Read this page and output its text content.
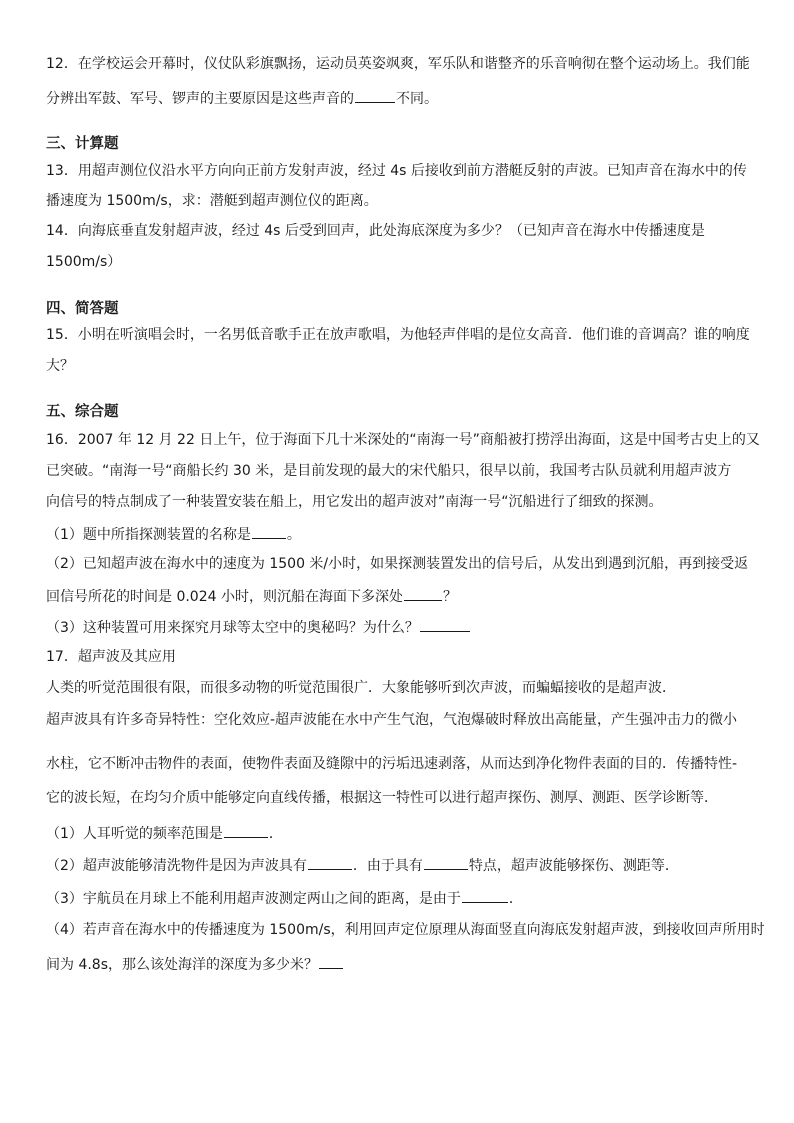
12．在学校运会开幕时，仪仗队彩旗飘扬，运动员英姿飒爽，军乐队和谐整齐的乐音响彻在整个运动场上。我们能
分辨出军鼓、军号、锣声的主要原因是这些声音的	不同。
三、计算题
13．用超声测位仪沿水平方向向正前方发射声波，经过 4s 后接收到前方潜艇反射的声波。已知声音在海水中的传
播速度为 1500m/s，求：潜艇到超声测位仪的距离。
14．向海底垂直发射超声波，经过 4s 后受到回声，此处海底深度为多少？（已知声音在海水中传播速度是
1500m/s）
四、简答题
15．小明在听演唱会时，一名男低音歌手正在放声歌唱，为他轻声伴唱的是位女高音．他们谁的音调高？谁的响度
大？
五、综合题
16．2007 年 12 月 22 日上午，位于海面下几十米深处的“南海一号”商船被打捞浮出海面，这是中国考古史上的又
已突破。“南海一号“商船长约 30 米，是目前发现的最大的宋代船只，很早以前，我国考古队员就利用超声波方
向信号的特点制成了一种装置安装在船上，用它发出的超声波对”南海一号“沉船进行了细致的探测。
（1）题中所指探测装置的名称是	。
（2）已知超声波在海水中的速度为 1500 米/小时，如果探测装置发出的信号后，从发出到遇到沉船，再到接受返
回信号所花的时间是 0.024 小时，则沉船在海面下多深处	？
（3）这种装置可用来探究月球等太空中的奥秘吗？为什么？
17．超声波及其应用
人类的听觉范围很有限，而很多动物的听觉范围很广．大象能够听到次声波，而蝙蝠接收的是超声波．
超声波具有许多奇异特性：空化效应-超声波能在水中产生气泡，气泡爆破时释放出高能量，产生强冲击力的微小
水柱，它不断冲击物件的表面，使物件表面及缝隙中的污垢迅速剥落，从而达到净化物件表面的目的．传播特性-
它的波长短，在均匀介质中能够定向直线传播，根据这一特性可以进行超声探伤、测厚、测距、医学诊断等．
（1）人耳听觉的频率范围是	．
（2）超声波能够清洗物件是因为声波具有	．由于具有	特点，超声波能够探伤、测距等．
（3）宇航员在月球上不能利用超声波测定两山之间的距离，是由于	．
（4）若声音在海水中的传播速度为 1500m/s，利用回声定位原理从海面竖直向海底发射超声波，到接收回声所用时
间为 4.8s，那么该处海洋的深度为多少米？
